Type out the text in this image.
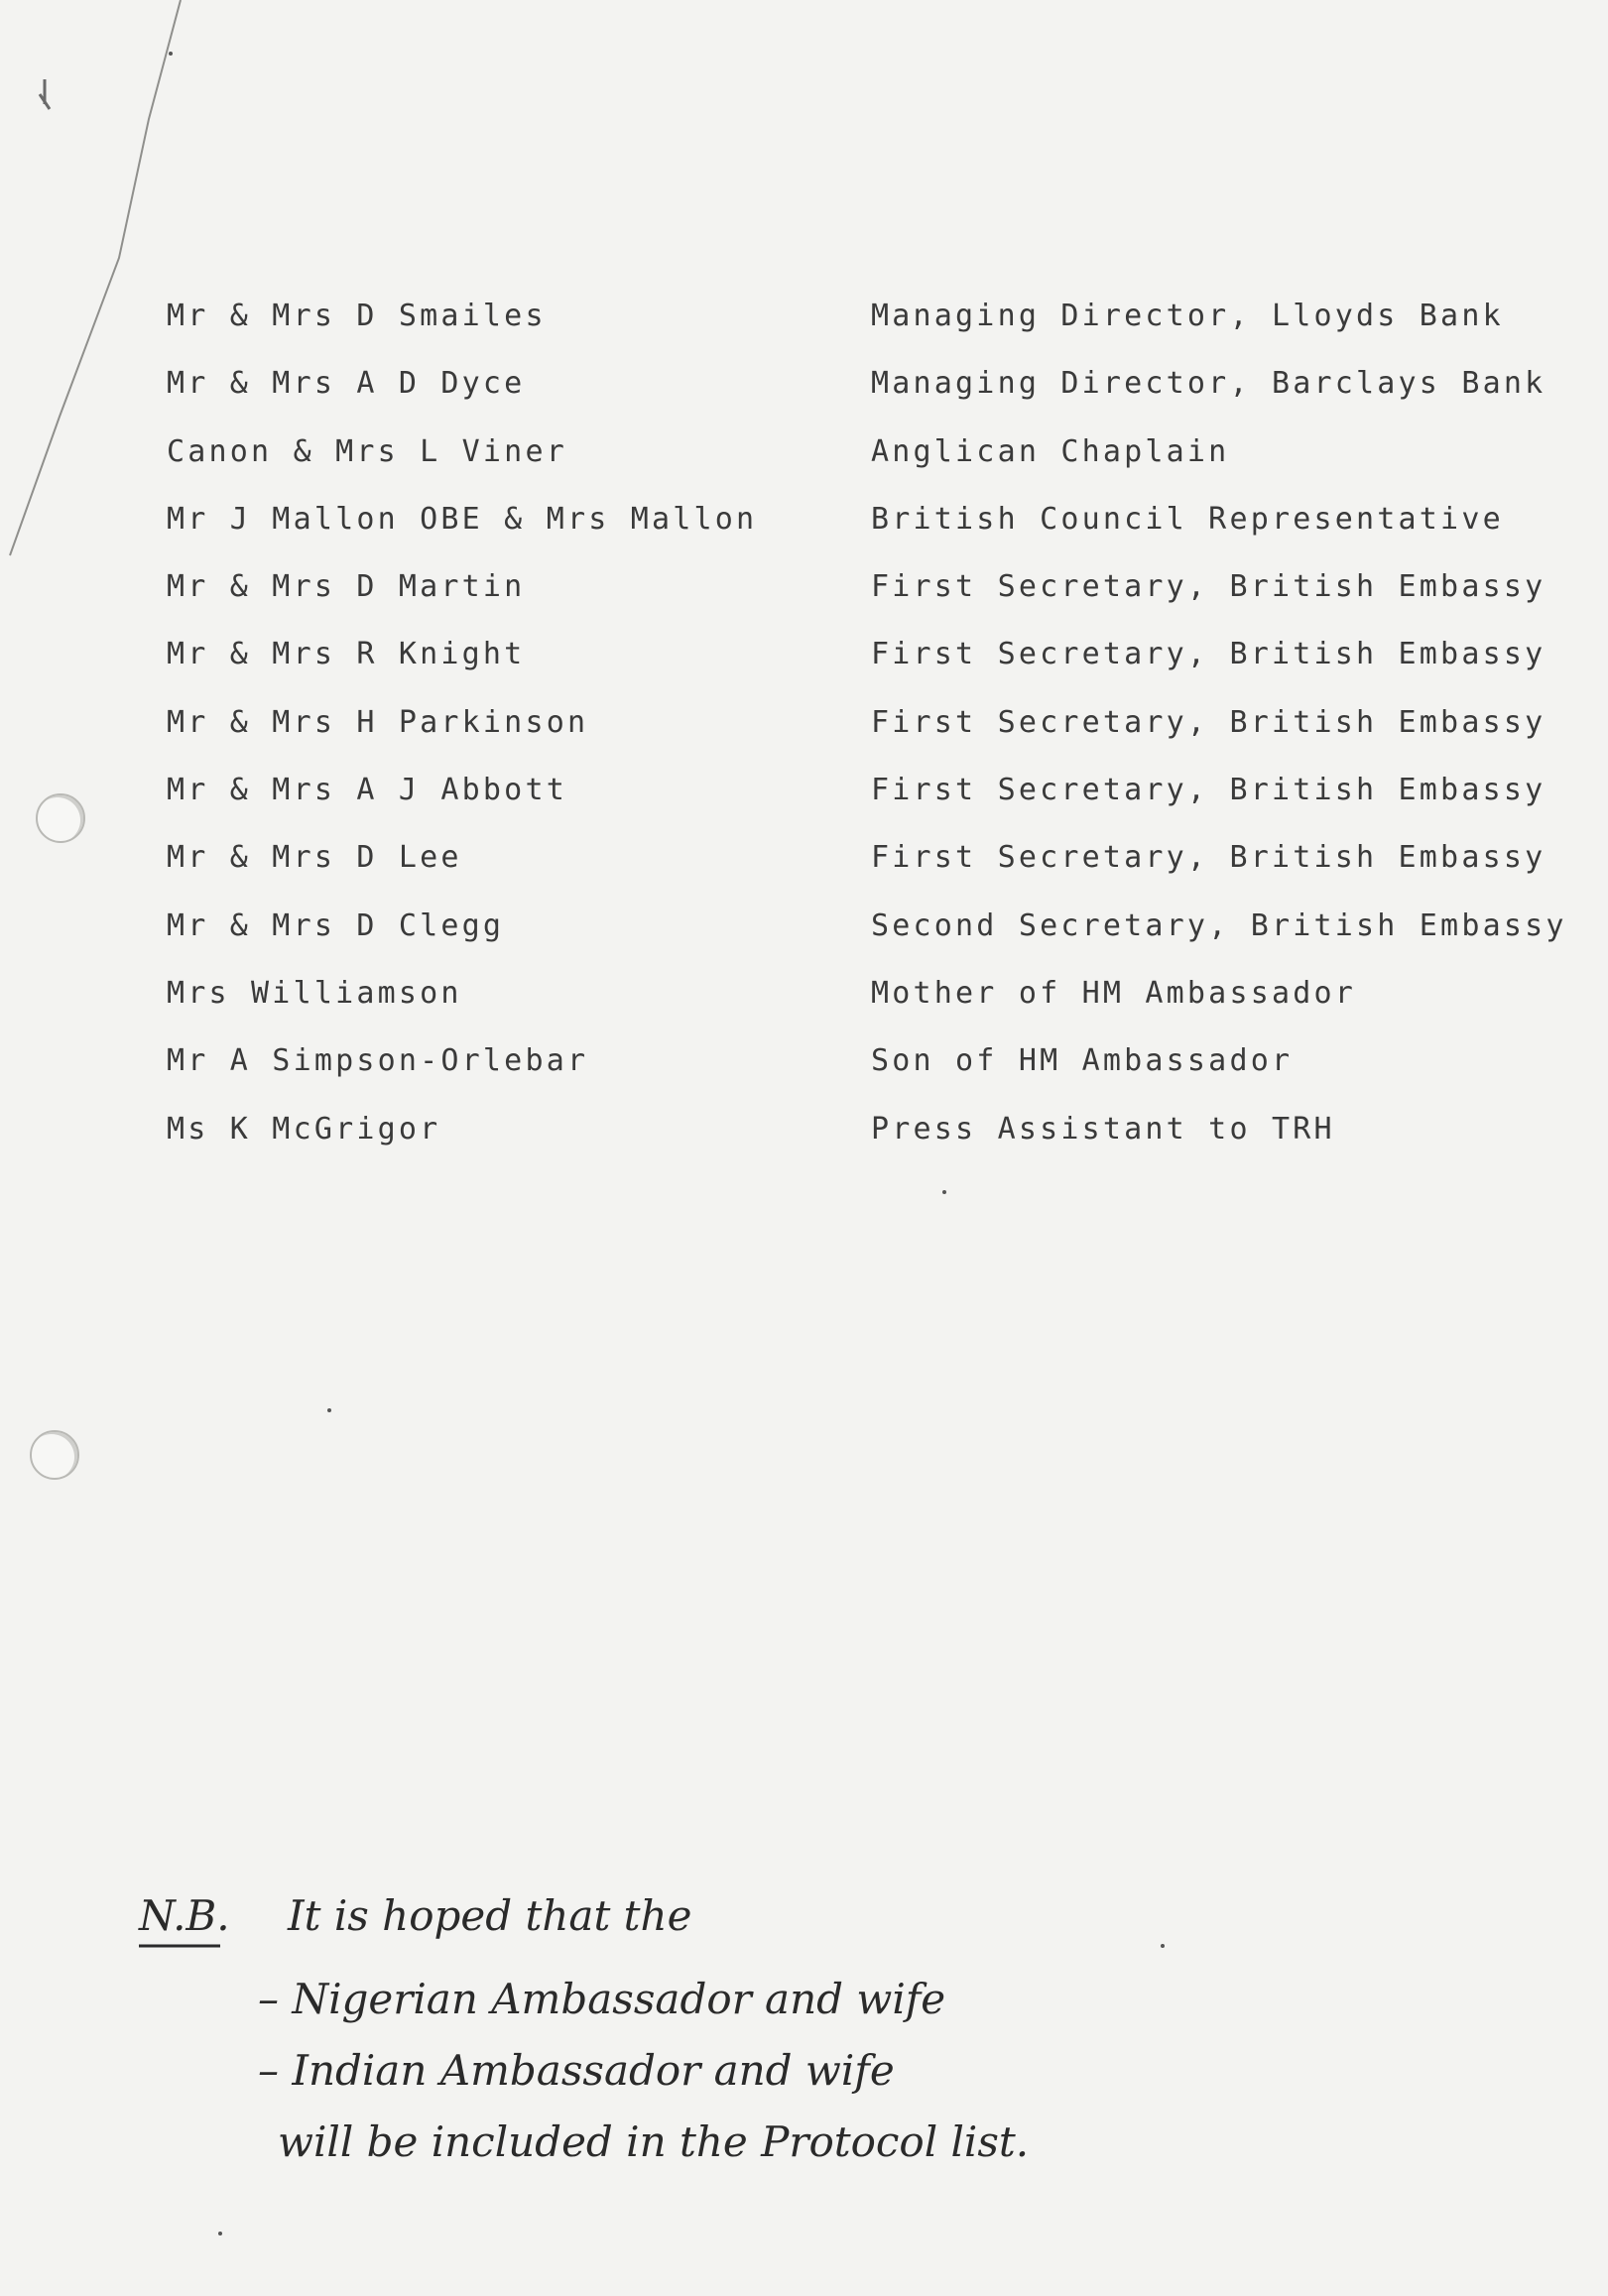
Mr & Mrs D Smailes	Managing Director, Lloyds Bank
Mr & Mrs A D Dyce	Managing Director, Barclays Bank
Canon & Mrs L Viner	Anglican Chaplain
Mr J Mallon OBE & Mrs Mallon	British Council Representative
Mr & Mrs D Martin	First Secretary, British Embassy
Mr & Mrs R Knight	First Secretary, British Embassy
Mr & Mrs H Parkinson	First Secretary, British Embassy
Mr & Mrs A J Abbott	First Secretary, British Embassy
Mr & Mrs D Lee	First Secretary, British Embassy
Mr & Mrs D Clegg	Second Secretary, British Embassy
Mrs Williamson	Mother of HM Ambassador
Mr A Simpson-Orlebar	Son of HM Ambassador
Ms K McGrigor	Press Assistant to TRH
N.B. It is hoped that the
– Nigerian Ambassador and wife
– Indian Ambassador and wife
will be included in the Protocol list.
